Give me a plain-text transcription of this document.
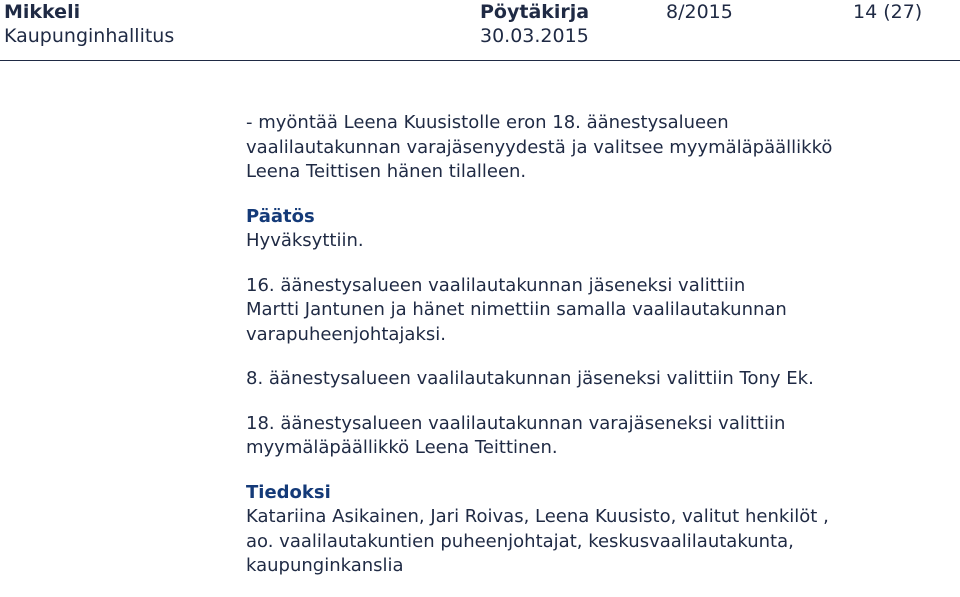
Mikkeli
Kaupunginhallitus
Pöytäkirja
30.03.2015
8/2015	14 (27)

- myöntää Leena Kuusistolle eron 18. äänestysalueen
vaalilautakunnan varajäsenyydestä ja valitsee myymäläpäällikkö
Leena Teittisen hänen tilalleen.

Päätös
Hyväksyttiin.

16. äänestysalueen vaalilautakunnan jäseneksi valittiin
Martti Jantunen ja hänet nimettiin samalla vaalilautakunnan
varapuheenjohtajaksi.

8. äänestysalueen vaalilautakunnan jäseneksi valittiin Tony Ek.

18. äänestysalueen vaalilautakunnan varajäseneksi valittiin
myymäläpäällikkö Leena Teittinen.

Tiedoksi
Katariina Asikainen, Jari Roivas, Leena Kuusisto, valitut henkilöt ,
ao. vaalilautakuntien puheenjohtajat, keskusvaalilautakunta,
kaupunginkanslia
